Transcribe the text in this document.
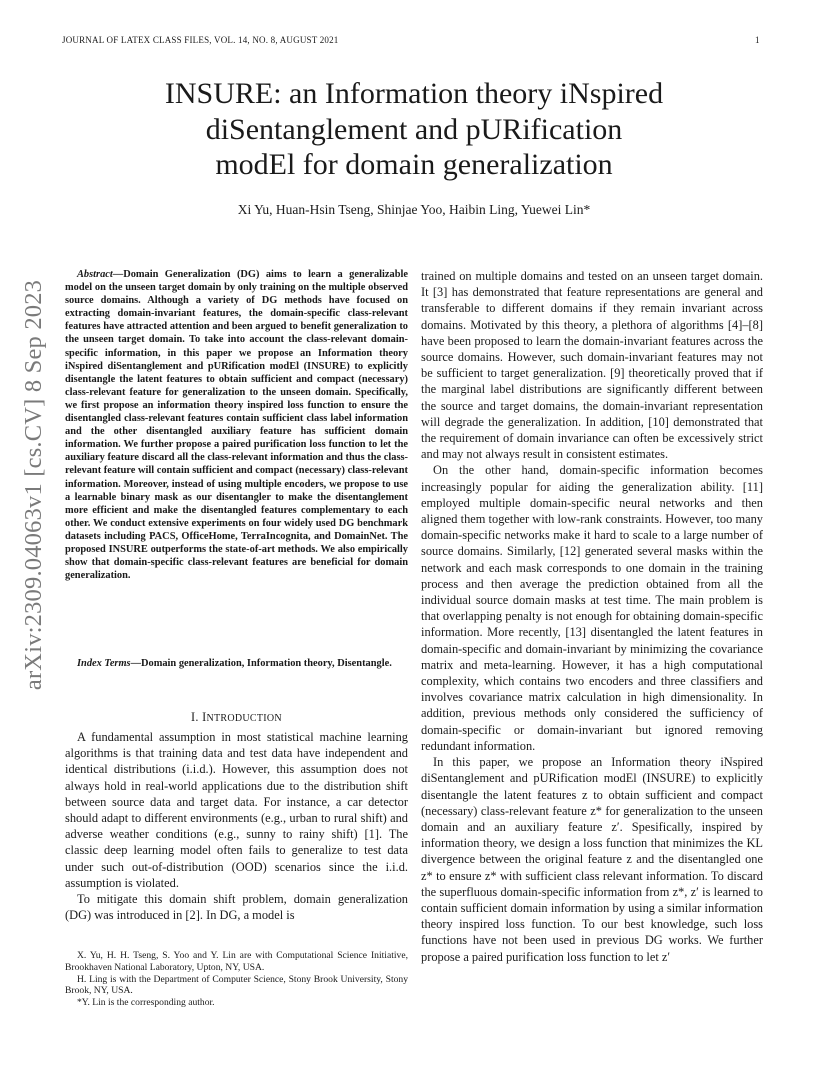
JOURNAL OF LATEX CLASS FILES, VOL. 14, NO. 8, AUGUST 2021	1
INSURE: an Information theory iNspired
diSentanglement and pURification
modEl for domain generalization
Xi Yu, Huan-Hsin Tseng, Shinjae Yoo, Haibin Ling, Yuewei Lin*
arXiv:2309.04063v1 [cs.CV] 8 Sep 2023

Abstract—Domain Generalization (DG) aims to learn a generalizable model on the unseen target domain by only training on the multiple observed source domains. Although a variety of DG methods have focused on extracting domain-invariant features, the domain-specific class-relevant features have attracted attention and been argued to benefit generalization to the unseen target domain. To take into account the class-relevant domain-specific information, in this paper we propose an Information theory iNspired diSentanglement and pURification modEl (INSURE) to explicitly disentangle the latent features to obtain sufficient and compact (necessary) class-relevant feature for generalization to the unseen domain. Specifically, we first propose an information theory inspired loss function to ensure the disentangled class-relevant features contain sufficient class label information and the other disentangled auxiliary feature has sufficient domain information. We further propose a paired purification loss function to let the auxiliary feature discard all the class-relevant information and thus the class-relevant feature will contain sufficient and compact (necessary) class-relevant information. Moreover, instead of using multiple encoders, we propose to use a learnable binary mask as our disentangler to make the disentanglement more efficient and make the disentangled features complementary to each other. We conduct extensive experiments on four widely used DG benchmark datasets including PACS, OfficeHome, TerraIncognita, and DomainNet. The proposed INSURE outperforms the state-of-art methods. We also empirically show that domain-specific class-relevant features are beneficial for domain generalization.

Index Terms—Domain generalization, Information theory, Disentangle.

I. INTRODUCTION

A fundamental assumption in most statistical machine learning algorithms is that training data and test data have independent and identical distributions (i.i.d.). However, this assumption does not always hold in real-world applications due to the distribution shift between source data and target data. For instance, a car detector should adapt to different environments (e.g., urban to rural shift) and adverse weather conditions (e.g., sunny to rainy shift) [1]. The classic deep learning model often fails to generalize to test data under such out-of-distribution (OOD) scenarios since the i.i.d. assumption is violated.

To mitigate this domain shift problem, domain generalization (DG) was introduced in [2]. In DG, a model is

X. Yu, H. H. Tseng, S. Yoo and Y. Lin are with Computational Science Initiative, Brookhaven National Laboratory, Upton, NY, USA.

H. Ling is with the Department of Computer Science, Stony Brook University, Stony Brook, NY, USA.

*Y. Lin is the corresponding author.

trained on multiple domains and tested on an unseen target domain. It [3] has demonstrated that feature representations are general and transferable to different domains if they remain invariant across domains. Motivated by this theory, a plethora of algorithms [4]–[8] have been proposed to learn the domain-invariant features across the source domains. However, such domain-invariant features may not be sufficient to target generalization. [9] theoretically proved that if the marginal label distributions are significantly different between the source and target domains, the domain-invariant representation will degrade the generalization. In addition, [10] demonstrated that the requirement of domain invariance can often be excessively strict and may not always result in consistent estimates.

On the other hand, domain-specific information becomes increasingly popular for aiding the generalization ability. [11] employed multiple domain-specific neural networks and then aligned them together with low-rank constraints. However, too many domain-specific networks make it hard to scale to a large number of source domains. Similarly, [12] generated several masks within the network and each mask corresponds to one domain in the training process and then average the prediction obtained from all the individual source domain masks at test time. The main problem is that overlapping penalty is not enough for obtaining domain-specific information. More recently, [13] disentangled the latent features in domain-specific and domain-invariant by minimizing the covariance matrix and meta-learning. However, it has a high computational complexity, which contains two encoders and three classifiers and involves covariance matrix calculation in high dimensionality. In addition, previous methods only considered the sufficiency of domain-specific or domain-invariant but ignored removing redundant information.

In this paper, we propose an Information theory iNspired diSentanglement and pURification modEl (INSURE) to explicitly disentangle the latent features z to obtain sufficient and compact (necessary) class-relevant feature z* for generalization to the unseen domain and an auxiliary feature z′. Spesifically, inspired by information theory, we design a loss function that minimizes the KL divergence between the original feature z and the disentangled one z* to ensure z* with sufficient class relevant information. To discard the superfluous domain-specific information from z*, z′ is learned to contain sufficient domain information by using a similar information theory inspired loss function. To our best knowledge, such loss functions have not been used in previous DG works. We further propose a paired purification loss function to let z′
